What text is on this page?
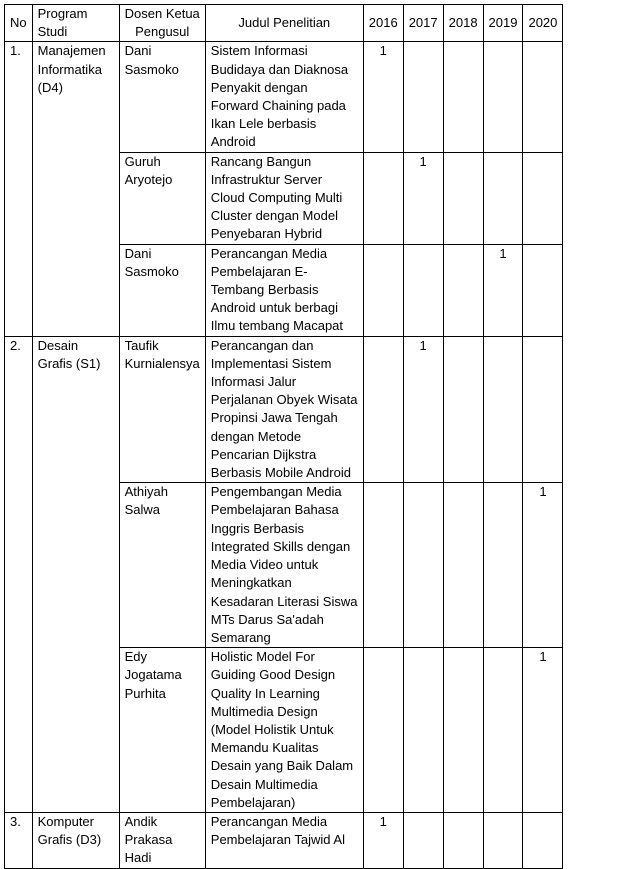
No	Program Studi	Dosen Ketua Pengusul	Judul Penelitian	2016	2017	2018	2019	2020
1.	Manajemen Informatika (D4)	Dani Sasmoko	Sistem Informasi Budidaya dan Diaknosa Penyakit dengan Forward Chaining pada Ikan Lele berbasis Android	1				
		Guruh Aryotejo	Rancang Bangun Infrastruktur Server Cloud Computing Multi Cluster dengan Model Penyebaran Hybrid		1			
		Dani Sasmoko	Perancangan Media Pembelajaran E-Tembang Berbasis Android untuk berbagi Ilmu tembang Macapat				1	
2.	Desain Grafis (S1)	Taufik Kurnialensya	Perancangan dan Implementasi Sistem Informasi Jalur Perjalanan Obyek Wisata Propinsi Jawa Tengah dengan Metode Pencarian Dijkstra Berbasis Mobile Android		1			
		Athiyah Salwa	Pengembangan Media Pembelajaran Bahasa Inggris Berbasis Integrated Skills dengan Media Video untuk Meningkatkan Kesadaran Literasi Siswa MTs Darus Sa'adah Semarang					1
		Edy Jogatama Purhita	Holistic Model For Guiding Good Design Quality In Learning Multimedia Design (Model Holistik Untuk Memandu Kualitas Desain yang Baik Dalam Desain Multimedia Pembelajaran)					1
3.	Komputer Grafis (D3)	Andik Prakasa Hadi	Perancangan Media Pembelajaran Tajwid Al	1				
